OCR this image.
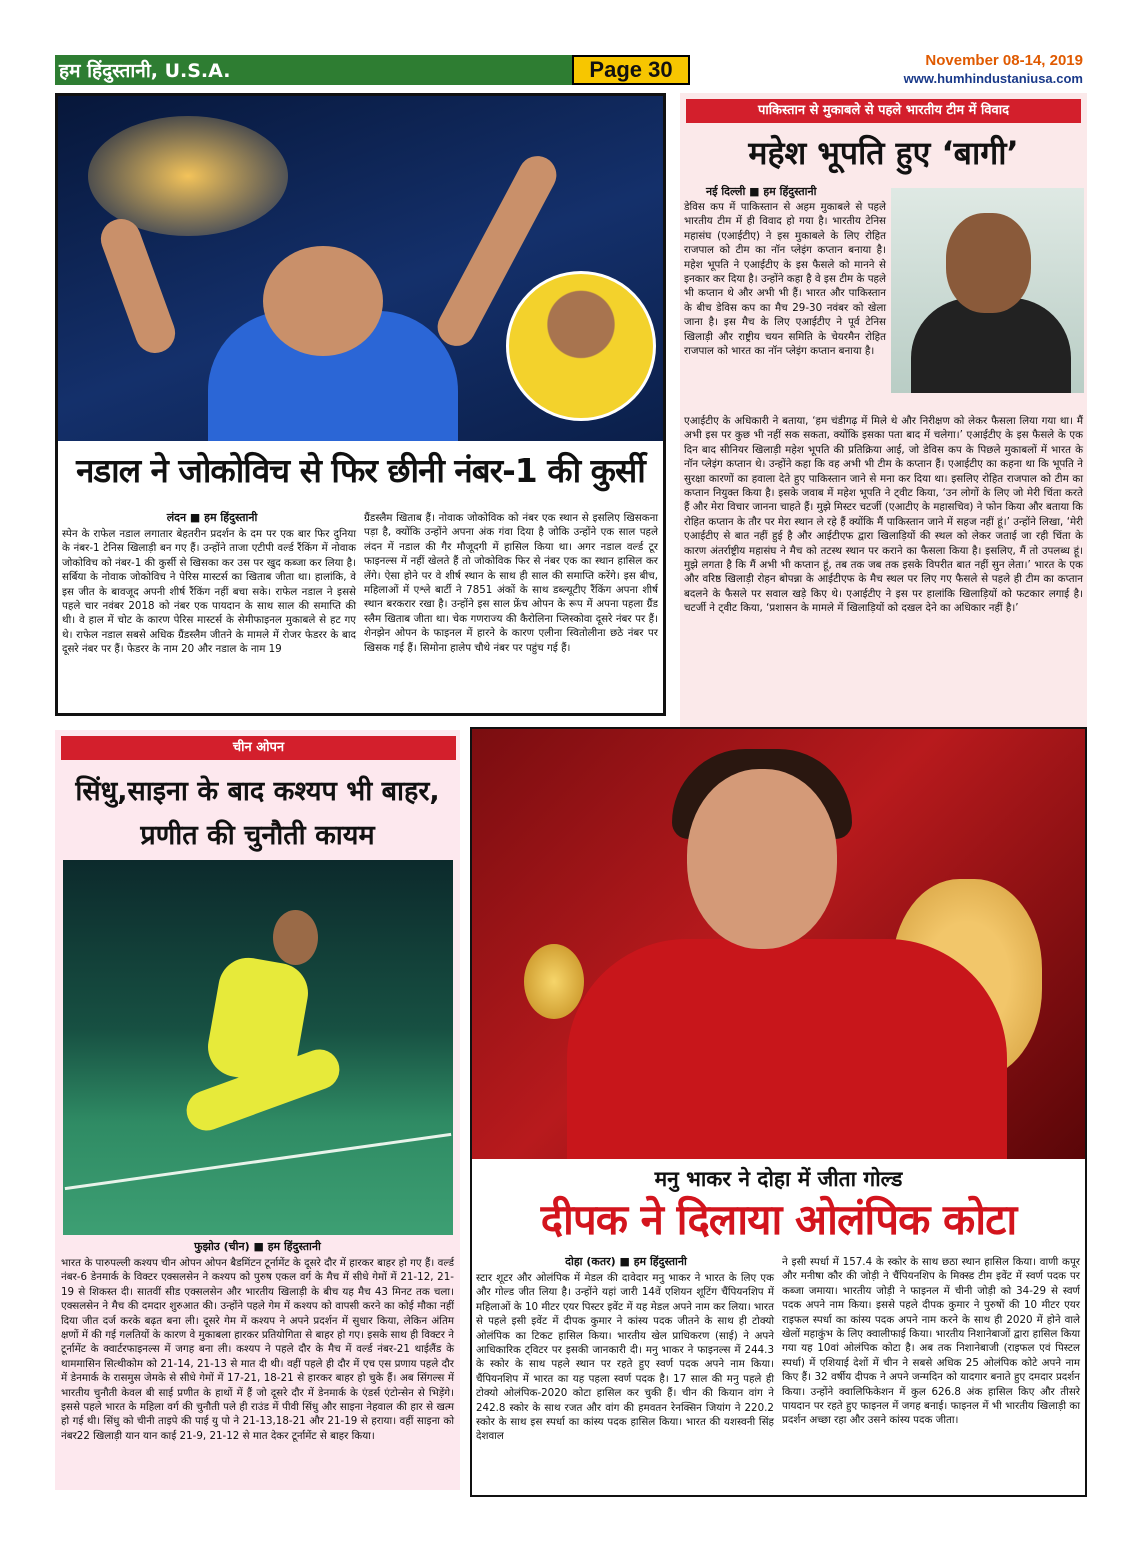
हम हिंदुस्तानी, U.S.A.	Page 30	November 08-14, 2019
www.humhindustaniusa.com
नडाल ने जोकोविच से फिर छीनी नंबर-1 की कुर्सी
लंदन ■ हम हिंदुस्तानी
स्पेन के राफेल नडाल लगातार बेहतरीन प्रदर्शन के दम पर एक बार फिर दुनिया के नंबर-1 टेनिस खिलाड़ी बन गए हैं। उन्होंने ताजा एटीपी वर्ल्ड रैंकिंग में नोवाक जोकोविच को नंबर-1 की कुर्सी से खिसका कर उस पर खुद कब्जा कर लिया है। सर्बिया के नोवाक जोकोविच ने पेरिस मास्टर्स का खिताब जीता था। हालांकि, वे इस जीत के बावजूद अपनी शीर्ष रैंकिंग नहीं बचा सके। राफेल नडाल ने इससे पहले चार नवंबर 2018 को नंबर एक पायदान के साथ साल की समाप्ति की थी। वे हाल में चोट के कारण पेरिस मास्टर्स के सेमीफाइनल मुकाबले से हट गए थे। राफेल नडाल सबसे अधिक ग्रैंडस्लैम जीतने के मामले में रोजर फेडरर के बाद दूसरे नंबर पर हैं। फेडरर के नाम 20 और नडाल के नाम 19
ग्रैंडस्लैम खिताब हैं। नोवाक जोकोविक को नंबर एक स्थान से इसलिए खिसकना पड़ा है, क्योंकि उन्होंने अपना अंक गंवा दिया है जोकि उन्होंने एक साल पहले लंदन में नडाल की गैर मौजूदगी में हासिल किया था। अगर नडाल वर्ल्ड टूर फाइनल्स में नहीं खेलते हैं तो जोकोविक फिर से नंबर एक का स्थान हासिल कर लेंगे। ऐसा होने पर वे शीर्ष स्थान के साथ ही साल की समाप्ति करेंगे। इस बीच, महिलाओं में एश्ले बार्टी ने 7851 अंकों के साथ डब्ल्यूटीए रैंकिंग अपना शीर्ष स्थान बरकरार रखा है। उन्होंने इस साल फ्रेंच ओपन के रूप में अपना पहला ग्रैंड स्लैम खिताब जीता था। चेक गणराज्य की कैरोलिना प्लिस्कोवा दूसरे नंबर पर हैं। शेनझेन ओपन के फाइनल में हारने के कारण एलीना स्वितोलीना छठे नंबर पर खिसक गई हैं। सिमोना हालेप चौथे नंबर पर पहुंच गई हैं।
पाकिस्तान से मुकाबले से पहले भारतीय टीम में विवाद
महेश भूपति हुए ‘बागी’
नई दिल्ली ■ हम हिंदुस्तानी
डेविस कप में पाकिस्तान से अहम मुकाबले से पहले भारतीय टीम में ही विवाद हो गया है। भारतीय टेनिस महासंघ (एआईटीए) ने इस मुकाबले के लिए रोहित राजपाल को टीम का नॉन प्लेइंग कप्तान बनाया है। महेश भूपति ने एआईटीए के इस फैसले को मानने से इनकार कर दिया है। उन्होंने कहा है वे इस टीम के पहले भी कप्तान थे और अभी भी हैं। भारत और पाकिस्तान के बीच डेविस कप का मैच 29-30 नवंबर को खेला जाना है। इस मैच के लिए एआईटीए ने पूर्व टेनिस खिलाड़ी और राष्ट्रीय चयन समिति के चेयरमैन रोहित राजपाल को भारत का नॉन प्लेइंग कप्तान बनाया है।
एआईटीए के अधिकारी ने बताया, ‘हम चंडीगढ़ में मिले थे और निरीक्षण को लेकर फैसला लिया गया था। मैं अभी इस पर कुछ भी नहीं सक सकता, क्योंकि इसका पता बाद में चलेगा।’ एआईटीए के इस फैसले के एक दिन बाद सीनियर खिलाड़ी महेश भूपति की प्रतिक्रिया आई, जो डेविस कप के पिछले मुकाबलों में भारत के नॉन प्लेइंग कप्तान थे। उन्होंने कहा कि वह अभी भी टीम के कप्तान हैं। एआईटीए का कहना था कि भूपति ने सुरक्षा कारणों का हवाला देते हुए पाकिस्तान जाने से मना कर दिया था। इसलिए रोहित राजपाल को टीम का कप्तान नियुक्त किया है। इसके जवाब में महेश भूपति ने ट्वीट किया, ‘उन लोगों के लिए जो मेरी चिंता करते हैं और मेरा विचार जानना चाहते हैं। मुझे मिस्टर चटर्जी (एआटीए के महासचिव) ने फोन किया और बताया कि रोहित कप्तान के तौर पर मेरा स्थान ले रहे हैं क्योंकि मैं पाकिस्तान जाने में सहज नहीं हूं।’ उन्होंने लिखा, ‘मेरी एआईटीए से बात नहीं हुई है और आईटीएफ द्वारा खिलाड़ियों की स्थल को लेकर जताई जा रही चिंता के कारण अंतर्राष्ट्रीय महासंघ ने मैच को तटस्थ स्थान पर कराने का फैसला किया है। इसलिए, मैं तो उपलब्ध हूं। मुझे लगता है कि मैं अभी भी कप्तान हूं, तब तक जब तक इसके विपरीत बात नहीं सुन लेता।’ भारत के एक और वरिष्ठ खिलाड़ी रोहन बोपन्ना के आईटीएफ के मैच स्थल पर लिए गए फैसले से पहले ही टीम का कप्तान बदलने के फैसले पर सवाल खड़े किए थे। एआईटीए ने इस पर हालांकि खिलाड़ियों को फटकार लगाई है। चटर्जी ने ट्वीट किया, ‘प्रशासन के मामले में खिलाड़ियों को दखल देने का अधिकार नहीं है।’
चीन ओपन
सिंधु,साइना के बाद कश्यप भी बाहर, प्रणीत की चुनौती कायम
फुझोउ (चीन) ■ हम हिंदुस्तानी
भारत के पारुपल्ली कश्यप चीन ओपन ओपन बैडमिंटन टूर्नामेंट के दूसरे दौर में हारकर बाहर हो गए हैं। वर्ल्ड नंबर-6 डेनमार्क के विक्टर एक्सलसेन ने कश्यप को पुरुष एकल वर्ग के मैच में सीधे गेमों में 21-12, 21-19 से शिकस्त दी। सातवीं सीड एक्सलसेन और भारतीय खिलाड़ी के बीच यह मैच 43 मिनट तक चला। एक्सलसेन ने मैच की दमदार शुरुआत की। उन्होंने पहले गेम में कश्यप को वापसी करने का कोई मौका नहीं दिया जीत दर्ज करके बढ़त बना ली। दूसरे गेम में कश्यप ने अपने प्रदर्शन में सुधार किया, लेकिन अंतिम क्षणों में की गई गलतियों के कारण वे मुकाबला हारकर प्रतियोगिता से बाहर हो गए। इसके साथ ही विक्टर ने टूर्नामेंट के क्वार्टरफाइनल्स में जगह बना ली। कश्यप ने पहले दौर के मैच में वर्ल्ड नंबर-21 थाईलैंड के थाममासिन सित्थीकोम को 21-14, 21-13 से मात दी थी। वहीं पहले ही दौर में एच एस प्रणाय पहले दौर में डेनमार्क के रासमुस जेमके से सीधे गेमों में 17-21, 18-21 से हारकर बाहर हो चुके हैं। अब सिंगल्स में भारतीय चुनौती केवल बी साई प्रणीत के हाथों में हैं जो दूसरे दौर में डेनमार्क के एंडर्स एंटोन्सेन से भिड़ेंगे। इससे पहले भारत के महिला वर्ग की चुनौती पले ही राउंड में पीवी सिंधु और साइना नेहवाल की हार से खत्म हो गई थी। सिंधु को चीनी ताइपे की पाई यु पो ने 21-13,18-21 और 21-19 से हराया। वहीं साइना को नंबर22 खिलाड़ी यान यान काई 21-9, 21-12 से मात देकर टूर्नामेंट से बाहर किया।
मनु भाकर ने दोहा में जीता गोल्ड
दीपक ने दिलाया ओलंपिक कोटा
दोहा (कतर) ■ हम हिंदुस्तानी
स्टार शूटर और ओलंपिक में मेडल की दावेदार मनु भाकर ने भारत के लिए एक और गोल्ड जीत लिया है। उन्होंने यहां जारी 14वें एशियन शूटिंग चैंपियनशिप में महिलाओं के 10 मीटर एयर पिस्टर इवेंट में यह मेडल अपने नाम कर लिया। भारत से पहले इसी इवेंट में दीपक कुमार ने कांस्य पदक जीतने के साथ ही टोक्यो ओलंपिक का टिकट हासिल किया। भारतीय खेल प्राधिकरण (साई) ने अपने आधिकारिक ट्विटर पर इसकी जानकारी दी। मनु भाकर ने फाइनल्स में 244.3 के स्कोर के साथ पहले स्थान पर रहते हुए स्वर्ण पदक अपने नाम किया। चैंपियनशिप में भारत का यह पहला स्वर्ण पदक है। 17 साल की मनु पहले ही टोक्यो ओलंपिक-2020 कोटा हासिल कर चुकी हैं। चीन की कियान वांग ने 242.8 स्कोर के साथ रजत और वांग की हमवतन रेनक्सिन जियांग ने 220.2 स्कोर के साथ इस स्पर्धा का कांस्य पदक हासिल किया। भारत की यशस्वनी सिंह देशवाल
ने इसी स्पर्धा में 157.4 के स्कोर के साथ छठा स्थान हासिल किया। वाणी कपूर और मनीषा कौर की जोड़ी ने चैंपियनशिप के मिक्स्ड टीम इवेंट में स्वर्ण पदक पर कब्जा जमाया। भारतीय जोड़ी ने फाइनल में चीनी जोड़ी को 34-29 से स्वर्ण पदक अपने नाम किया। इससे पहले दीपक कुमार ने पुरुषों की 10 मीटर एयर राइफल स्पर्धा का कांस्य पदक अपने नाम करने के साथ ही 2020 में होने वाले खेलों महाकुंभ के लिए क्वालीफाई किया। भारतीय निशानेबाजों द्वारा हासिल किया गया यह 10वां ओलंपिक कोटा है। अब तक निशानेबाजी (राइफल एवं पिस्टल स्पर्धा) में एशियाई देशों में चीन ने सबसे अधिक 25 ओलंपिक कोटे अपने नाम किए हैं। 32 वर्षीय दीपक ने अपने जन्मदिन को यादगार बनाते हुए दमदार प्रदर्शन किया। उन्होंने क्वालिफिकेशन में कुल 626.8 अंक हासिल किए और तीसरे पायदान पर रहते हुए फाइनल में जगह बनाई। फाइनल में भी भारतीय खिलाड़ी का प्रदर्शन अच्छा रहा और उसने कांस्य पदक जीता।
